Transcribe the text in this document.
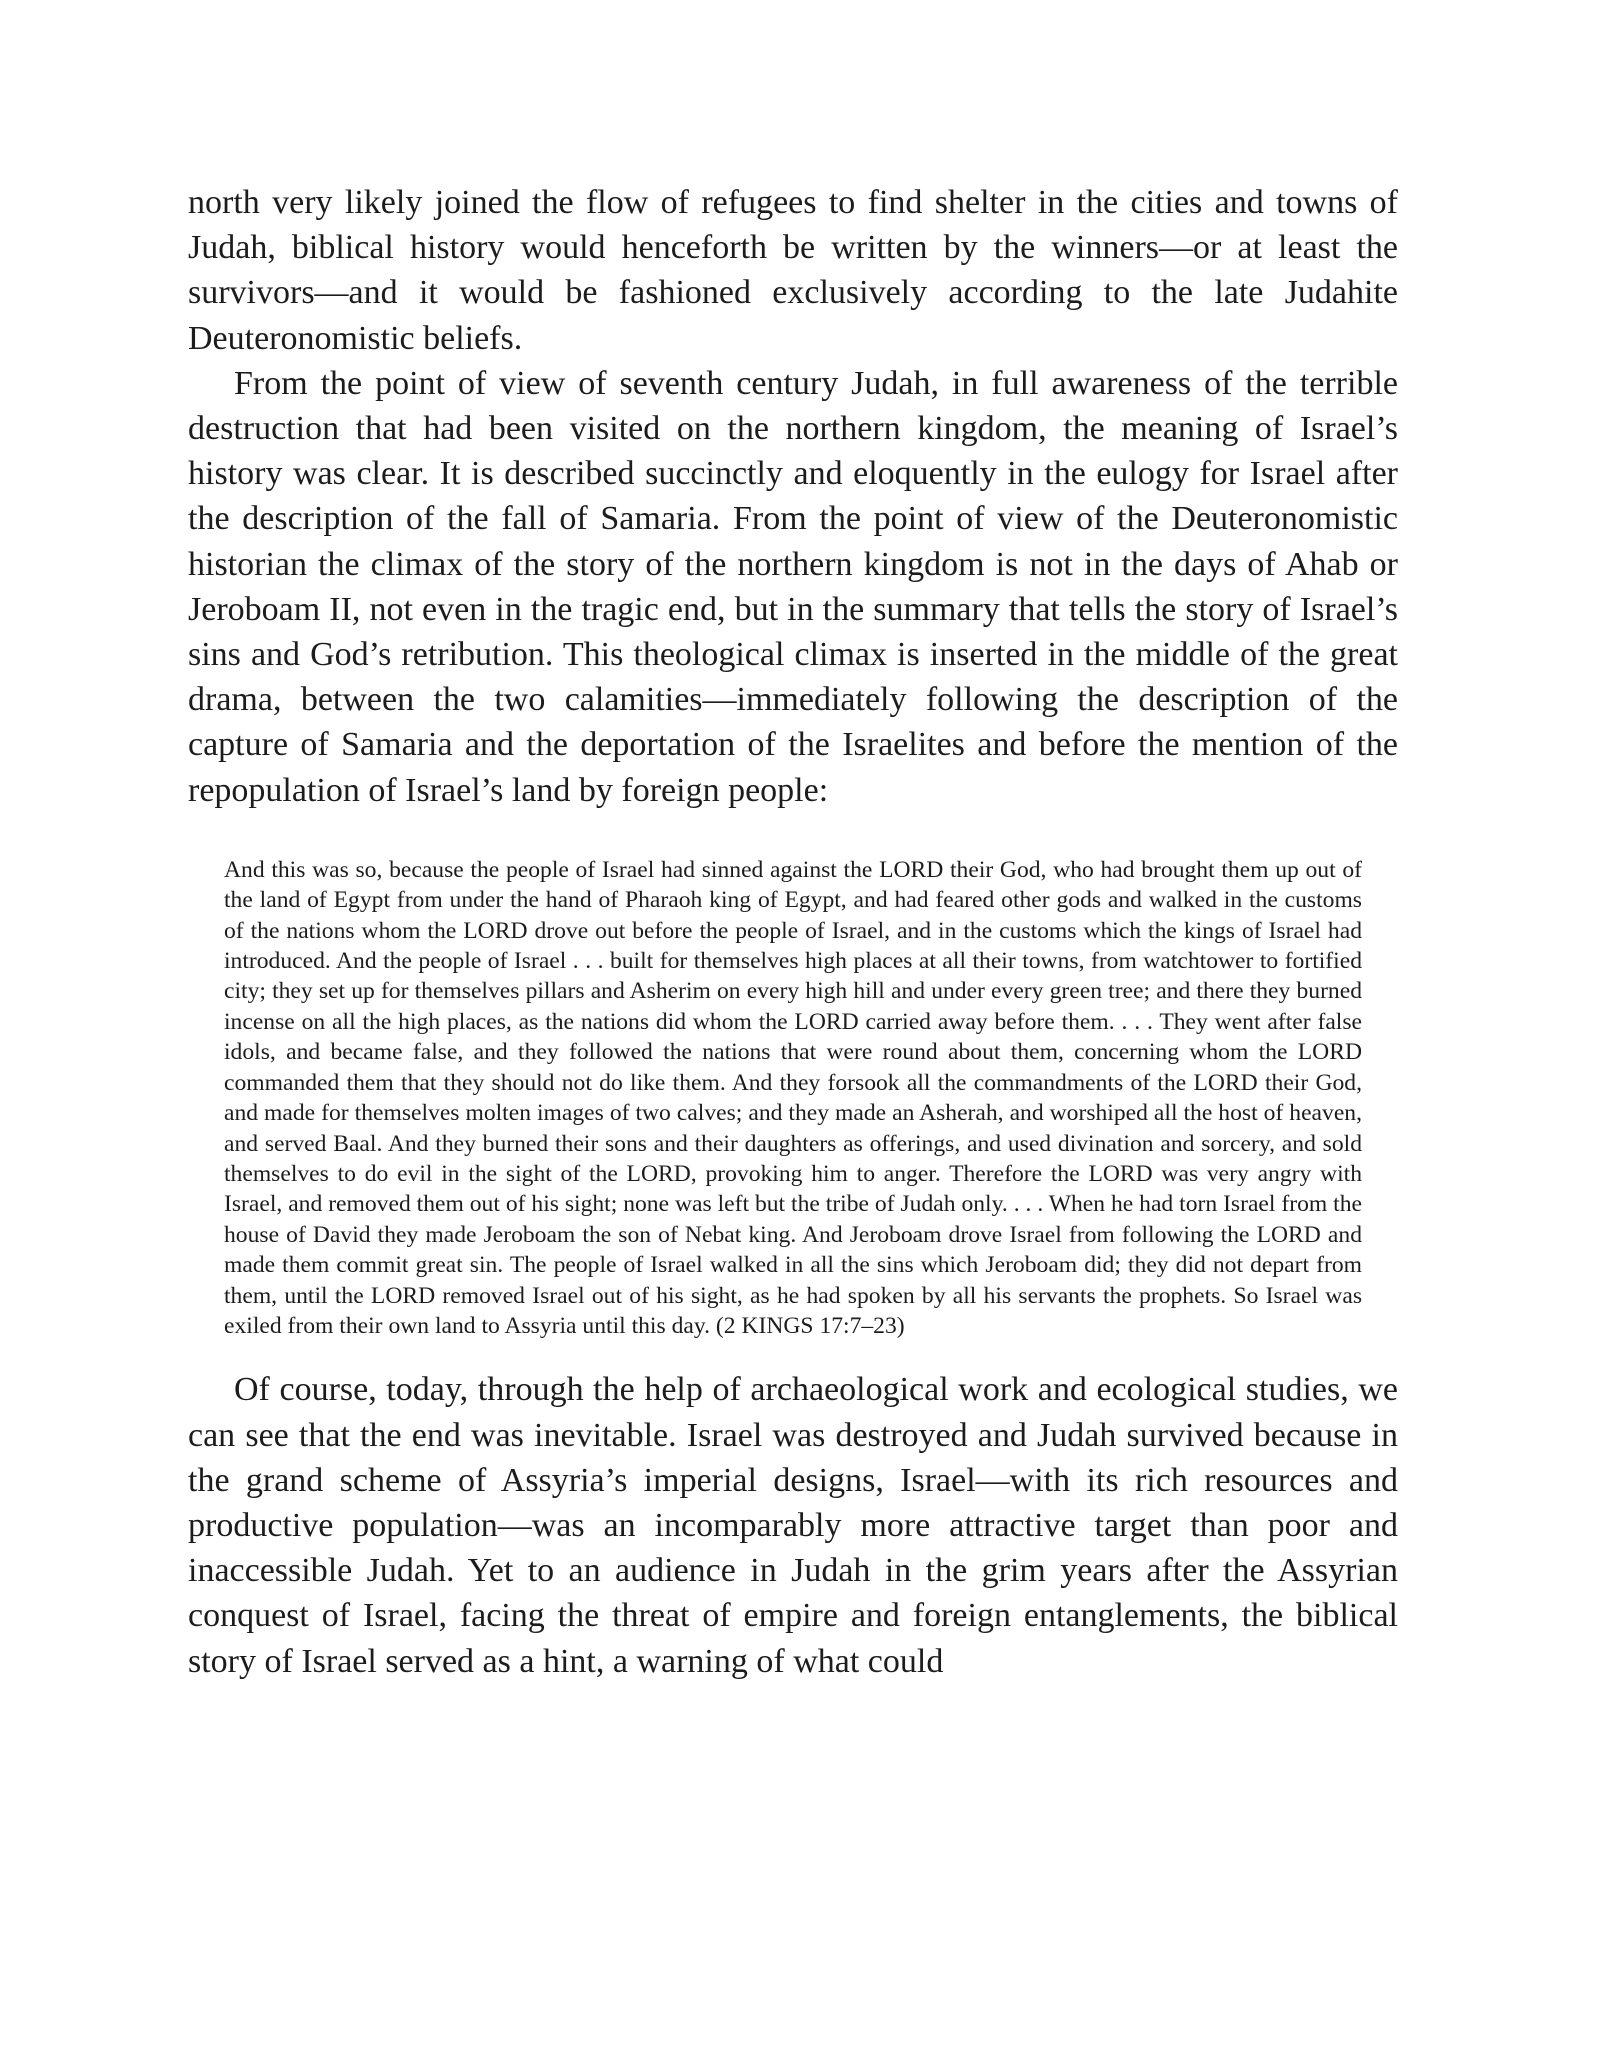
north very likely joined the flow of refugees to find shelter in the cities and towns of Judah, biblical history would henceforth be written by the winners—or at least the survivors—and it would be fashioned exclusively according to the late Judahite Deuteronomistic beliefs.

From the point of view of seventh century Judah, in full awareness of the terrible destruction that had been visited on the northern kingdom, the meaning of Israel’s history was clear. It is described succinctly and eloquently in the eulogy for Israel after the description of the fall of Samaria. From the point of view of the Deuteronomistic historian the climax of the story of the northern kingdom is not in the days of Ahab or Jeroboam II, not even in the tragic end, but in the summary that tells the story of Israel’s sins and God’s retribution. This theological climax is inserted in the middle of the great drama, between the two calamities—immediately following the description of the capture of Samaria and the deportation of the Israelites and before the mention of the repopulation of Israel’s land by foreign people:

And this was so, because the people of Israel had sinned against the LORD their God, who had brought them up out of the land of Egypt from under the hand of Pharaoh king of Egypt, and had feared other gods and walked in the customs of the nations whom the LORD drove out before the people of Israel, and in the customs which the kings of Israel had introduced. And the people of Israel . . . built for themselves high places at all their towns, from watchtower to fortified city; they set up for themselves pillars and Asherim on every high hill and under every green tree; and there they burned incense on all the high places, as the nations did whom the LORD carried away before them. . . . They went after false idols, and became false, and they followed the nations that were round about them, concerning whom the LORD commanded them that they should not do like them. And they forsook all the commandments of the LORD their God, and made for themselves molten images of two calves; and they made an Asherah, and worshiped all the host of heaven, and served Baal. And they burned their sons and their daughters as offerings, and used divination and sorcery, and sold themselves to do evil in the sight of the LORD, provoking him to anger. Therefore the LORD was very angry with Israel, and removed them out of his sight; none was left but the tribe of Judah only. . . . When he had torn Israel from the house of David they made Jeroboam the son of Nebat king. And Jeroboam drove Israel from following the LORD and made them commit great sin. The people of Israel walked in all the sins which Jeroboam did; they did not depart from them, until the LORD removed Israel out of his sight, as he had spoken by all his servants the prophets. So Israel was exiled from their own land to Assyria until this day. (2 KINGS 17:7–23)

Of course, today, through the help of archaeological work and ecological studies, we can see that the end was inevitable. Israel was destroyed and Judah survived because in the grand scheme of Assyria’s imperial designs, Israel—with its rich resources and productive population—was an incomparably more attractive target than poor and inaccessible Judah. Yet to an audience in Judah in the grim years after the Assyrian conquest of Israel, facing the threat of empire and foreign entanglements, the biblical story of Israel served as a hint, a warning of what could
